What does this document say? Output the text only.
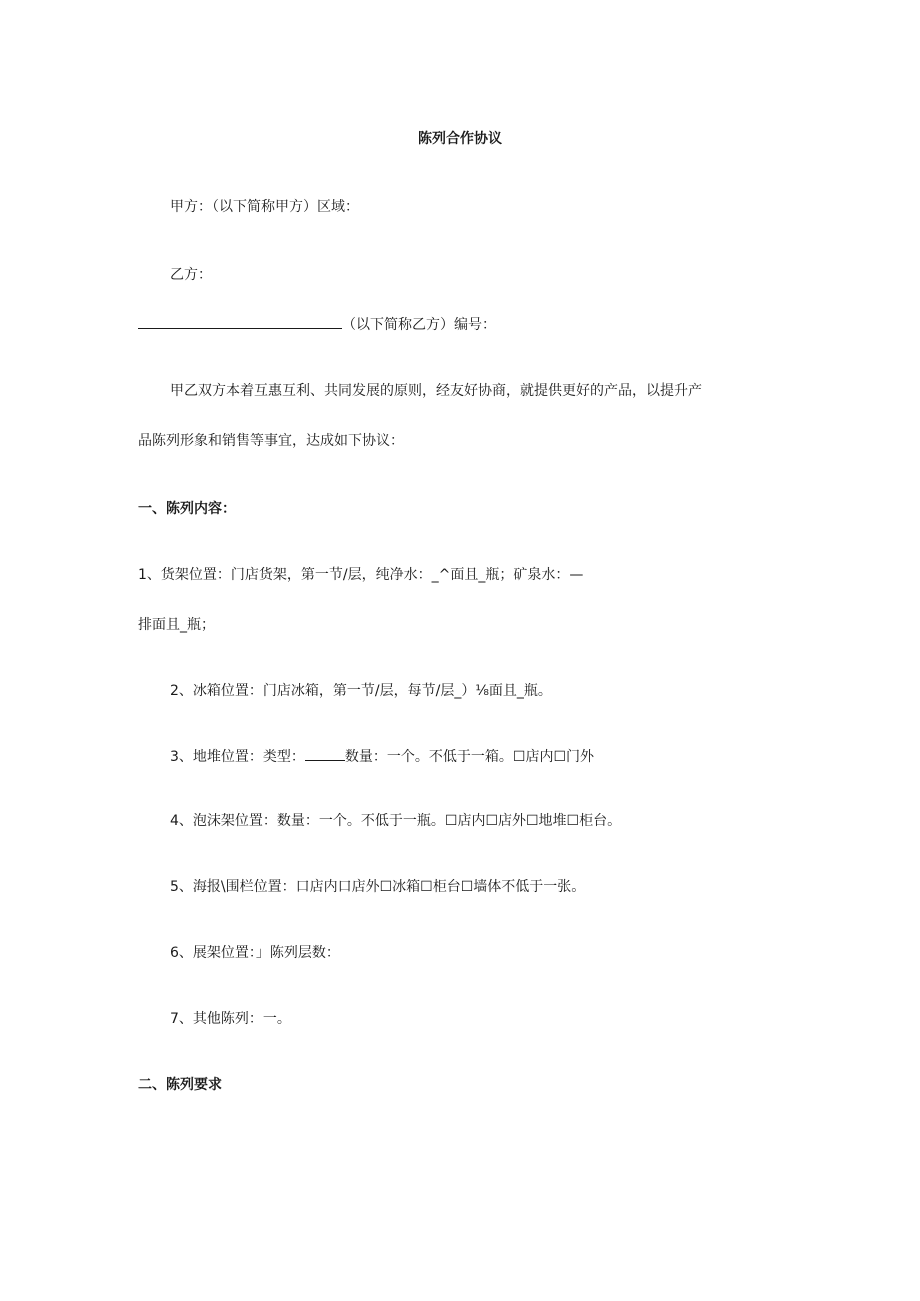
陈列合作协议

甲方：（以下简称甲方）区域：

乙方：

（以下简称乙方）编号：

甲乙双方本着互惠互利、共同发展的原则，经友好协商，就提供更好的产品，以提升产

品陈列形象和销售等事宜，达成如下协议：

一、陈列内容：

1、货架位置：门店货架，第一节/层，纯净水：_^面且_瓶；矿泉水：—

排面且_瓶；

2、冰箱位置：门店冰箱，第一节/层，每节/层_）⅛面且_瓶。

3、地堆位置：类型：	数量：一个。不低于一箱。☐店内☐门外

4、泡沫架位置：数量：一个。不低于一瓶。☐店内☐店外☐地堆☐柜台。

5、海报\围栏位置：口店内口店外☐冰箱☐柜台☐墙体不低于一张。

6、展架位置：」陈列层数：

7、其他陈列：一。

二、陈列要求
